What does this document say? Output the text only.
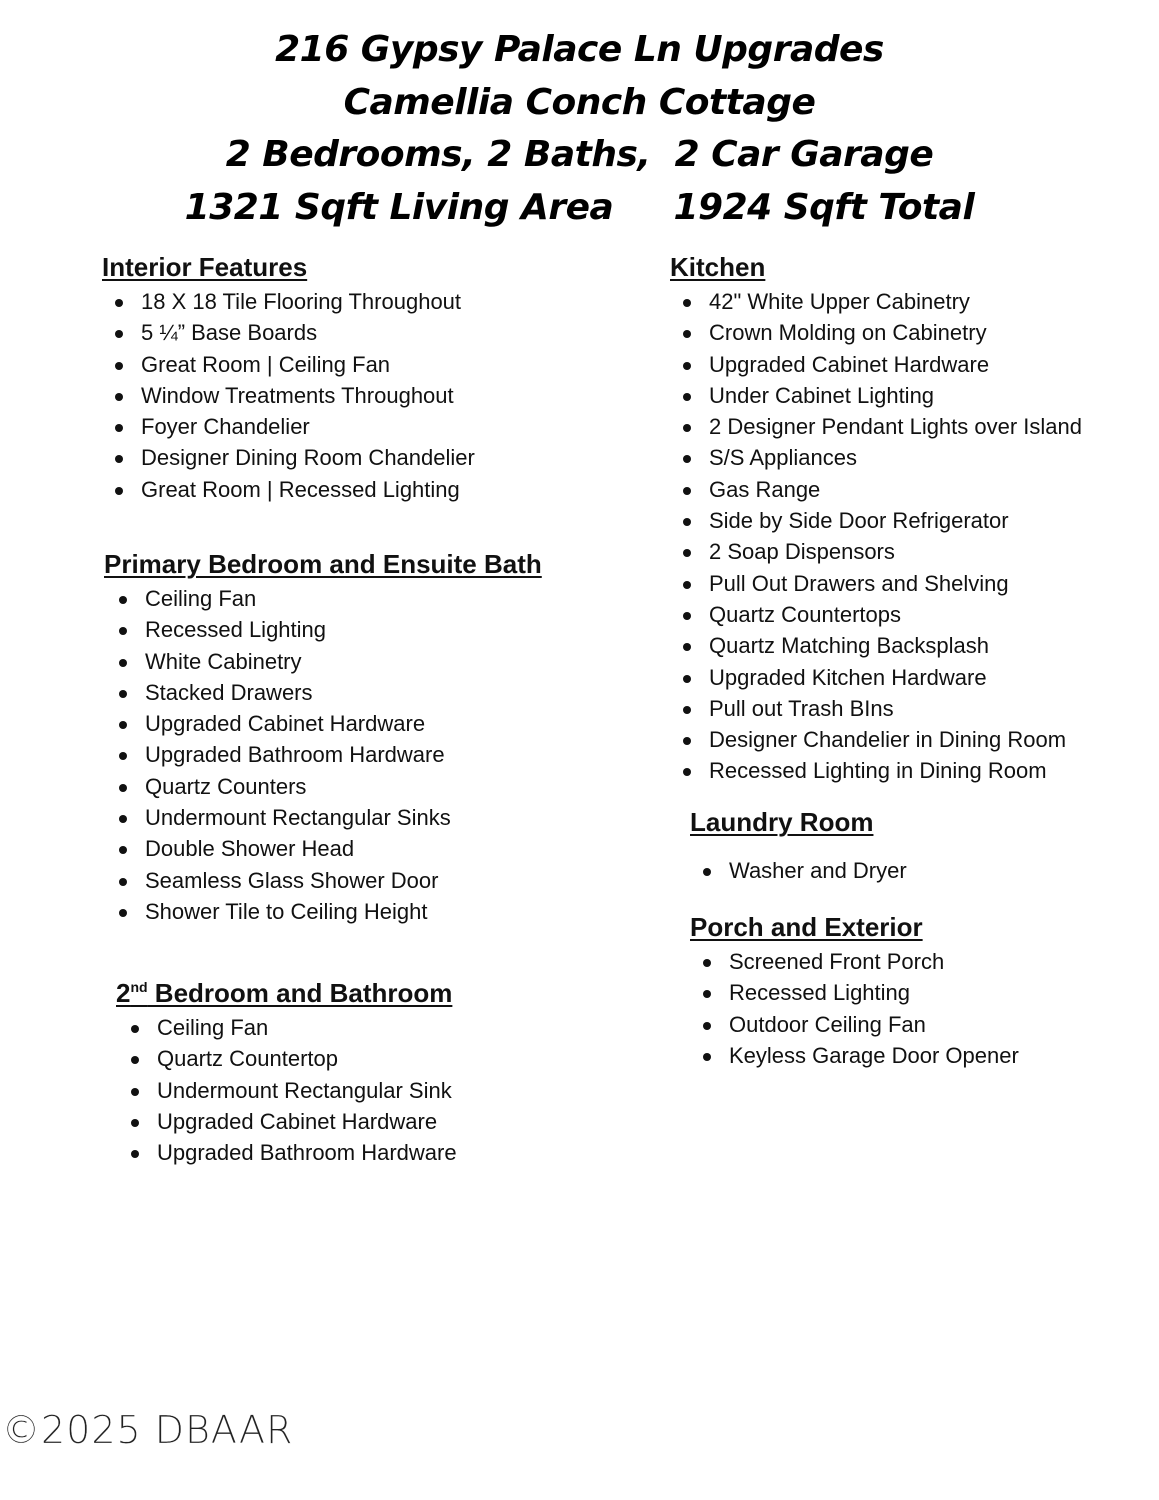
216 Gypsy Palace Ln Upgrades
Camellia Conch Cottage
2 Bedrooms, 2 Baths,  2 Car Garage
1321 Sqft Living Area     1924 Sqft Total
Interior Features
18 X 18 Tile Flooring Throughout
5 ¼” Base Boards
Great Room | Ceiling Fan
Window Treatments Throughout
Foyer Chandelier
Designer Dining Room Chandelier
Great Room | Recessed Lighting
Primary Bedroom and Ensuite Bath
Ceiling Fan
Recessed Lighting
White Cabinetry
Stacked Drawers
Upgraded Cabinet Hardware
Upgraded Bathroom Hardware
Quartz Counters
Undermount Rectangular Sinks
Double Shower Head
Seamless Glass Shower Door
Shower Tile to Ceiling Height
2nd Bedroom and Bathroom
Ceiling Fan
Quartz Countertop
Undermount Rectangular Sink
Upgraded Cabinet Hardware
Upgraded Bathroom Hardware
Kitchen
42" White Upper Cabinetry
Crown Molding on Cabinetry
Upgraded Cabinet Hardware
Under Cabinet Lighting
2 Designer Pendant Lights over Island
S/S Appliances
Gas Range
Side by Side Door Refrigerator
2 Soap Dispensors
Pull Out Drawers and Shelving
Quartz Countertops
Quartz Matching Backsplash
Upgraded Kitchen Hardware
Pull out Trash BIns
Designer Chandelier in Dining Room
Recessed Lighting in Dining Room
Laundry Room
Washer and Dryer
Porch and Exterior
Screened Front Porch
Recessed Lighting
Outdoor Ceiling Fan
Keyless Garage Door Opener
©2025 DBAAR
